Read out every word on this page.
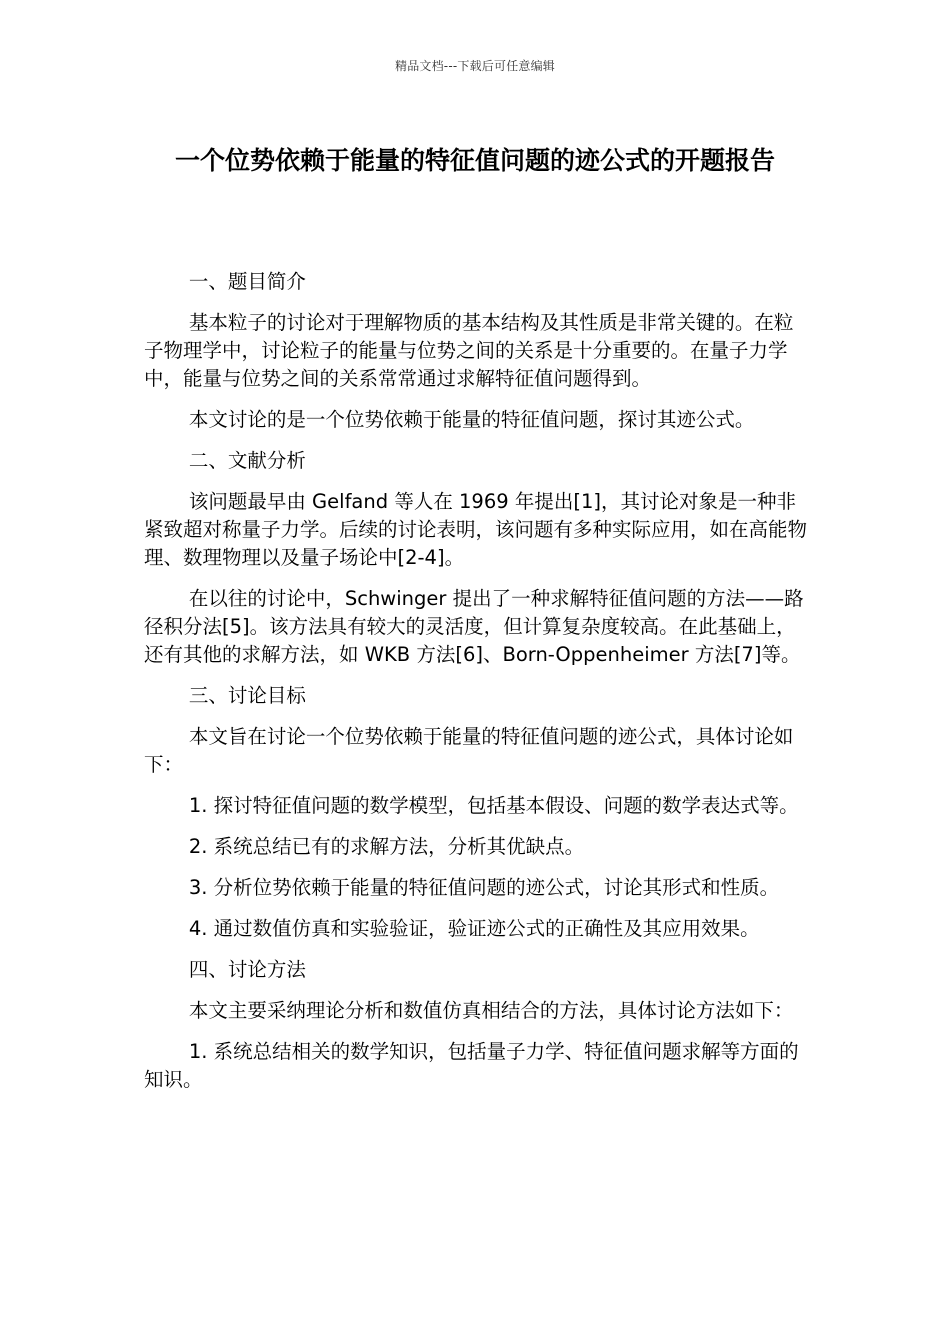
精品文档---下载后可任意编辑
一个位势依赖于能量的特征值问题的迹公式的开题报告

一、题目简介

基本粒子的讨论对于理解物质的基本结构及其性质是非常关键的。在粒子物理学中，讨论粒子的能量与位势之间的关系是十分重要的。在量子力学中，能量与位势之间的关系常常通过求解特征值问题得到。

本文讨论的是一个位势依赖于能量的特征值问题，探讨其迹公式。

二、文献分析

该问题最早由 Gelfand 等人在 1969 年提出[1]，其讨论对象是一种非紧致超对称量子力学。后续的讨论表明，该问题有多种实际应用，如在高能物理、数理物理以及量子场论中[2-4]。

在以往的讨论中，Schwinger 提出了一种求解特征值问题的方法——路径积分法[5]。该方法具有较大的灵活度，但计算复杂度较高。在此基础上，还有其他的求解方法，如 WKB 方法[6]、Born-Oppenheimer 方法[7]等。

三、讨论目标

本文旨在讨论一个位势依赖于能量的特征值问题的迹公式，具体讨论如下：

1. 探讨特征值问题的数学模型，包括基本假设、问题的数学表达式等。

2. 系统总结已有的求解方法，分析其优缺点。

3. 分析位势依赖于能量的特征值问题的迹公式，讨论其形式和性质。

4. 通过数值仿真和实验验证，验证迹公式的正确性及其应用效果。

四、讨论方法

本文主要采纳理论分析和数值仿真相结合的方法，具体讨论方法如下：

1. 系统总结相关的数学知识，包括量子力学、特征值问题求解等方面的知识。
